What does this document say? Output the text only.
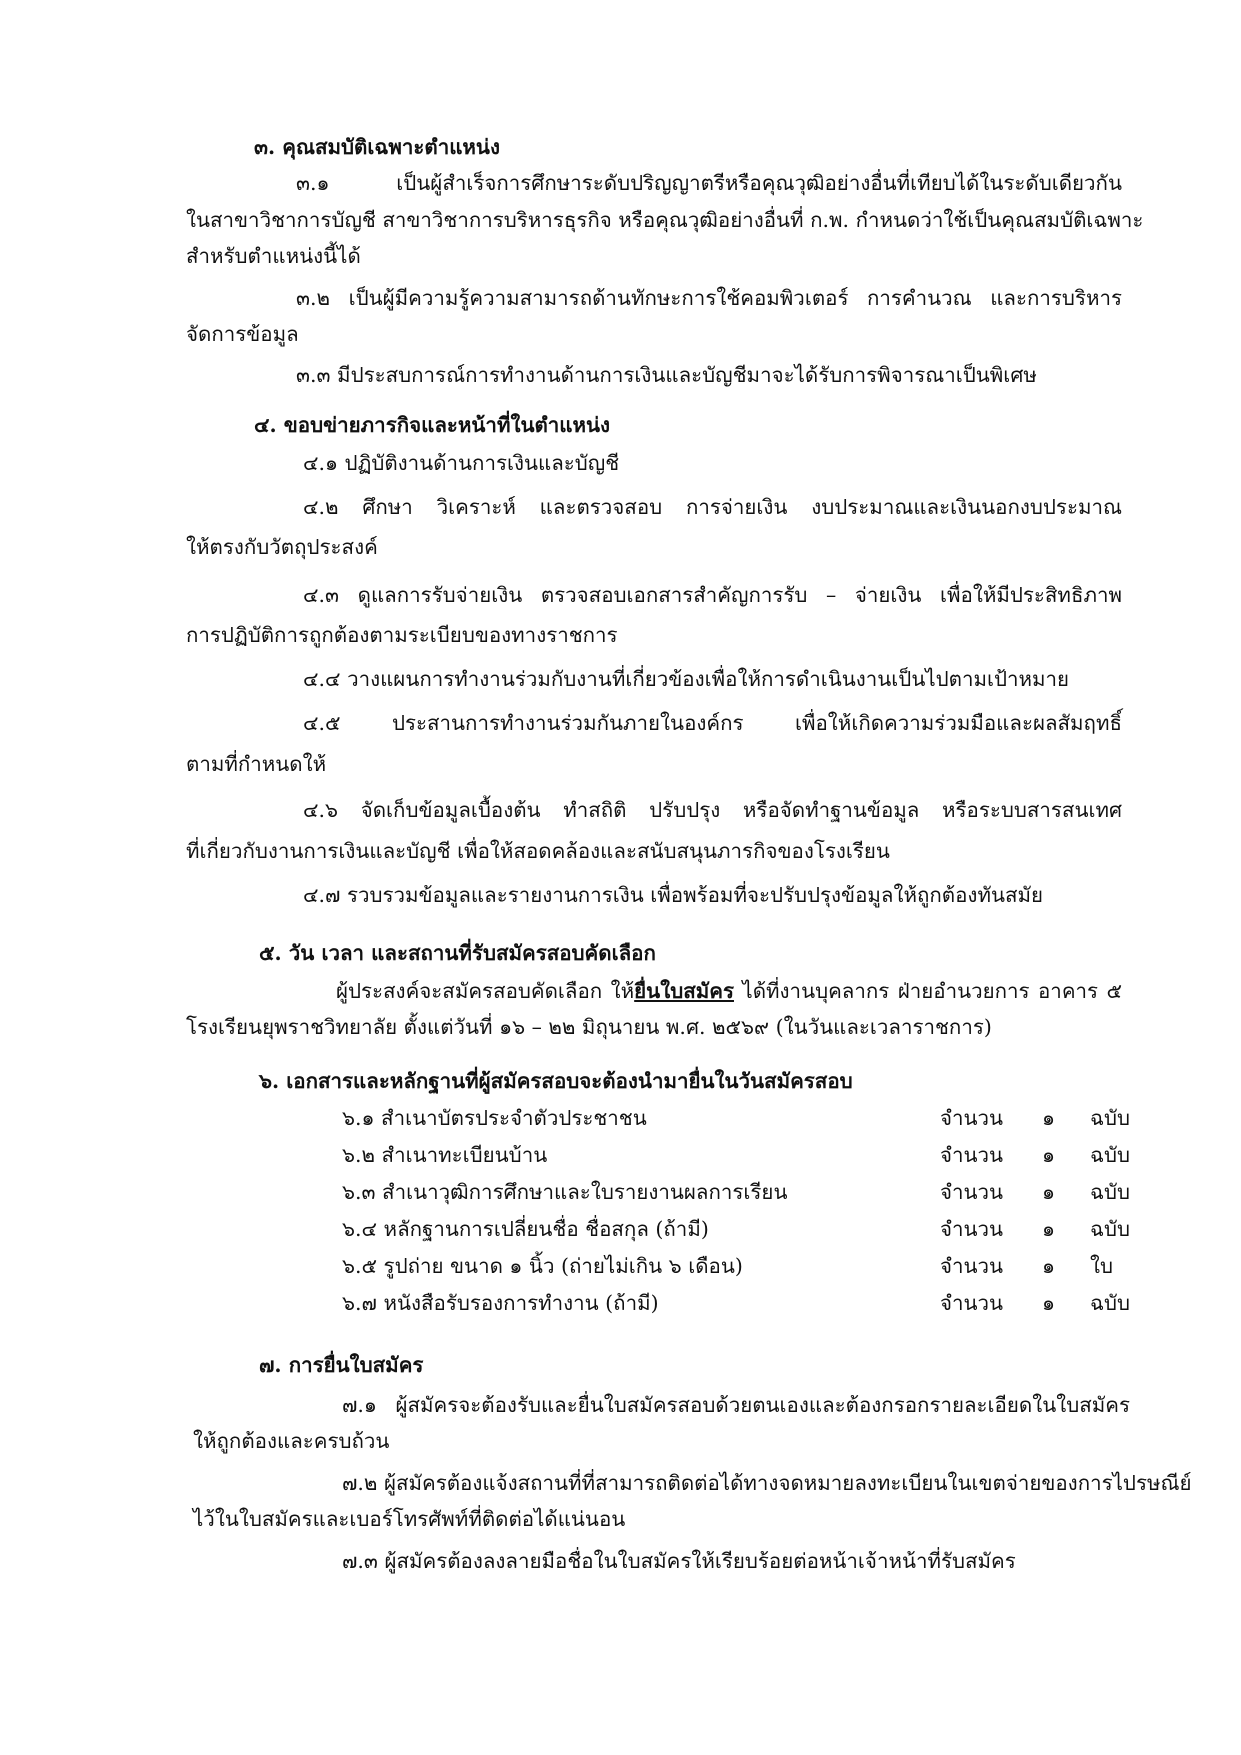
๓. คุณสมบัติเฉพาะตำแหน่ง
๓.๑ เป็นผู้สำเร็จการศึกษาระดับปริญญาตรีหรือคุณวุฒิอย่างอื่นที่เทียบได้ในระดับเดียวกัน
ในสาขาวิชาการบัญชี สาขาวิชาการบริหารธุรกิจ หรือคุณวุฒิอย่างอื่นที่ ก.พ. กำหนดว่าใช้เป็นคุณสมบัติเฉพาะ
สำหรับตำแหน่งนี้ได้
๓.๒ เป็นผู้มีความรู้ความสามารถด้านทักษะการใช้คอมพิวเตอร์ การคำนวณ และการบริหาร
จัดการข้อมูล
๓.๓ มีประสบการณ์การทำงานด้านการเงินและบัญชีมาจะได้รับการพิจารณาเป็นพิเศษ
๔. ขอบข่ายภารกิจและหน้าที่ในตำแหน่ง
๔.๑ ปฏิบัติงานด้านการเงินและบัญชี
๔.๒ ศึกษา วิเคราะห์ และตรวจสอบ การจ่ายเงิน งบประมาณและเงินนอกงบประมาณ
ให้ตรงกับวัตถุประสงค์
๔.๓ ดูแลการรับจ่ายเงิน ตรวจสอบเอกสารสำคัญการรับ – จ่ายเงิน เพื่อให้มีประสิทธิภาพ
การปฏิบัติการถูกต้องตามระเบียบของทางราชการ
๔.๔ วางแผนการทำงานร่วมกับงานที่เกี่ยวข้องเพื่อให้การดำเนินงานเป็นไปตามเป้าหมาย
๔.๕ ประสานการทำงานร่วมกันภายในองค์กร เพื่อให้เกิดความร่วมมือและผลสัมฤทธิ์
ตามที่กำหนดให้
๔.๖ จัดเก็บข้อมูลเบื้องต้น ทำสถิติ ปรับปรุง หรือจัดทำฐานข้อมูล หรือระบบสารสนเทศ
ที่เกี่ยวกับงานการเงินและบัญชี เพื่อให้สอดคล้องและสนับสนุนภารกิจของโรงเรียน
๔.๗ รวบรวมข้อมูลและรายงานการเงิน เพื่อพร้อมที่จะปรับปรุงข้อมูลให้ถูกต้องทันสมัย
๕. วัน เวลา และสถานที่รับสมัครสอบคัดเลือก
ผู้ประสงค์จะสมัครสอบคัดเลือก ให้ยื่นใบสมัคร ได้ที่งานบุคลากร ฝ่ายอำนวยการ อาคาร ๕
โรงเรียนยุพราชวิทยาลัย ตั้งแต่วันที่ ๑๖ – ๒๒ มิถุนายน พ.ศ. ๒๕๖๙ (ในวันและเวลาราชการ)
๖. เอกสารและหลักฐานที่ผู้สมัครสอบจะต้องนำมายื่นในวันสมัครสอบ
๖.๑ สำเนาบัตรประจำตัวประชาชน	จำนวน ๑ ฉบับ
๖.๒ สำเนาทะเบียนบ้าน	จำนวน ๑ ฉบับ
๖.๓ สำเนาวุฒิการศึกษาและใบรายงานผลการเรียน	จำนวน ๑ ฉบับ
๖.๔ หลักฐานการเปลี่ยนชื่อ ชื่อสกุล (ถ้ามี)	จำนวน ๑ ฉบับ
๖.๕ รูปถ่าย ขนาด ๑ นิ้ว (ถ่ายไม่เกิน ๖ เดือน)	จำนวน ๑ ใบ
๖.๗ หนังสือรับรองการทำงาน (ถ้ามี)	จำนวน ๑ ฉบับ
๗. การยื่นใบสมัคร
๗.๑ ผู้สมัครจะต้องรับและยื่นใบสมัครสอบด้วยตนเองและต้องกรอกรายละเอียดในใบสมัคร
ให้ถูกต้องและครบถ้วน
๗.๒ ผู้สมัครต้องแจ้งสถานที่ที่สามารถติดต่อได้ทางจดหมายลงทะเบียนในเขตจ่ายของการไปรษณีย์
ไว้ในใบสมัครและเบอร์โทรศัพท์ที่ติดต่อได้แน่นอน
๗.๓ ผู้สมัครต้องลงลายมือชื่อในใบสมัครให้เรียบร้อยต่อหน้าเจ้าหน้าที่รับสมัคร
